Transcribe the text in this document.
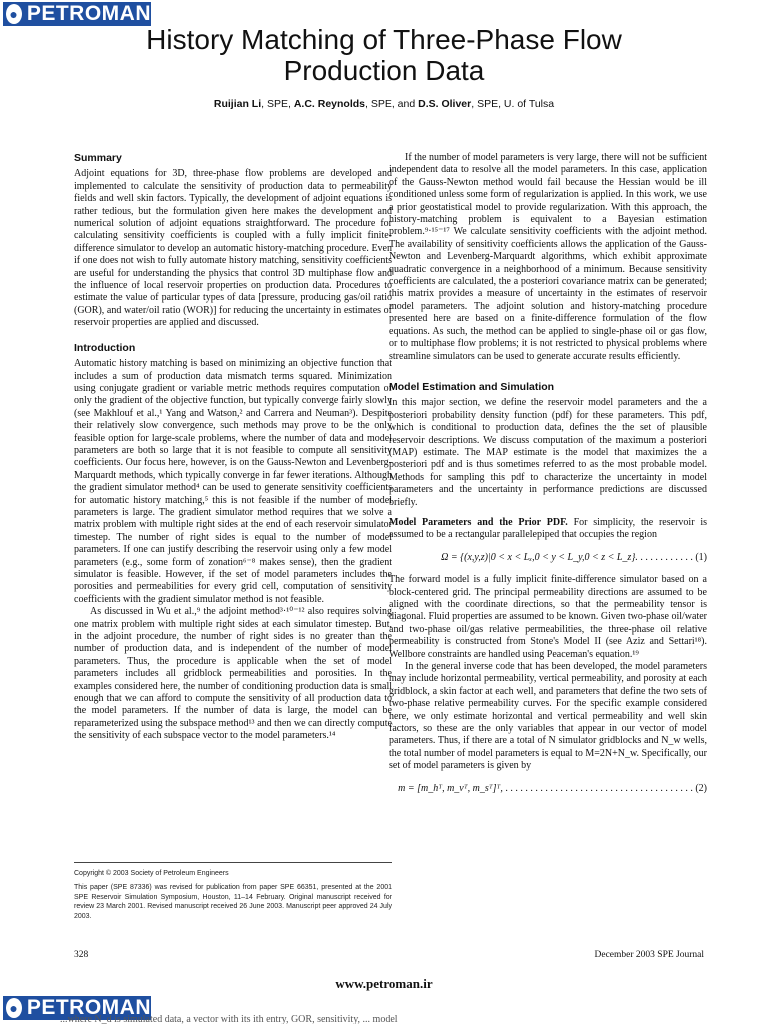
● PETROMAN
History Matching of Three-Phase Flow
Production Data
Ruijian Li, SPE, A.C. Reynolds, SPE, and D.S. Oliver, SPE, U. of Tulsa
Summary

Adjoint equations for 3D, three-phase flow problems are developed and implemented to calculate the sensitivity of production data to permeability fields and well skin factors. Typically, the development of adjoint equations is rather tedious, but the formulation given here makes the development and numerical solution of adjoint equations straightforward. The procedure for calculating sensitivity coefficients is coupled with a fully implicit finite-difference simulator to develop an automatic history-matching procedure. Even if one does not wish to fully automate history matching, sensitivity coefficients are useful for understanding the physics that control 3D multiphase flow and the influence of local reservoir properties on production data. Procedures to estimate the value of particular types of data [pressure, producing gas/oil ratio (GOR), and water/oil ratio (WOR)] for reducing the uncertainty in estimates of reservoir properties are applied and discussed.

Introduction

Automatic history matching is based on minimizing an objective function that includes a sum of production data mismatch terms squared. Minimization using conjugate gradient or variable metric methods requires computation of only the gradient of the objective function, but typically converge fairly slowly (see Makhlouf et al.,¹ Yang and Watson,² and Carrera and Neuman³). Despite their relatively slow convergence, such methods may prove to be the only feasible option for large-scale problems, where the number of data and model parameters are both so large that it is not feasible to compute all sensitivity coefficients. Our focus here, however, is on the Gauss-Newton and Levenberg-Marquardt methods, which typically converge in far fewer iterations. Although the gradient simulator method⁴ can be used to generate sensitivity coefficients for automatic history matching,⁵ this is not feasible if the number of model parameters is large. The gradient simulator method requires that we solve a matrix problem with multiple right sides at the end of each reservoir simulator timestep. The number of right sides is equal to the number of model parameters. If one can justify describing the reservoir using only a few model parameters (e.g., some form of zonation⁶⁻⁸ makes sense), then the gradient simulator is feasible. However, if the set of model parameters includes the porosities and permeabilities for every grid cell, computation of sensitivity coefficients with the gradient simulator method is not feasible.

As discussed in Wu et al.,⁹ the adjoint method³·¹⁰⁻¹² also requires solving one matrix problem with multiple right sides at each simulator timestep. But, in the adjoint procedure, the number of right sides is no greater than the number of production data, and is independent of the number of model parameters. Thus, the procedure is applicable when the set of model parameters includes all gridblock permeabilities and porosities. In the examples considered here, the number of conditioning production data is small enough that we can afford to compute the sensitivity of all production data to the model parameters. If the number of data is large, the model can be reparameterized using the subspace method¹³ and then we can directly compute the sensitivity of each subspace vector to the model parameters.¹⁴

If the number of model parameters is very large, there will not be sufficient independent data to resolve all the model parameters. In this case, application of the Gauss-Newton method would fail because the Hessian would be ill conditioned unless some form of regularization is applied. In this work, we use a prior geostatistical model to provide regularization. With this approach, the history-matching problem is equivalent to a Bayesian estimation problem.⁹·¹⁵⁻¹⁷ We calculate sensitivity coefficients with the adjoint method. The availability of sensitivity coefficients allows the application of the Gauss-Newton and Levenberg-Marquardt algorithms, which exhibit approximate quadratic convergence in a neighborhood of a minimum. Because sensitivity coefficients are calculated, the a posteriori covariance matrix can be generated; this matrix provides a measure of uncertainty in the estimates of reservoir model parameters. The adjoint solution and history-matching procedure presented here are based on a finite-difference formulation of the flow equations. As such, the method can be applied to single-phase oil or gas flow, or to multiphase flow problems; it is not restricted to physical problems where streamline simulators can be used to generate accurate results efficiently.

Model Estimation and Simulation

In this major section, we define the reservoir model parameters and the a posteriori probability density function (pdf) for these parameters. This pdf, which is conditional to production data, defines the the set of plausible reservoir descriptions. We discuss computation of the maximum a posteriori (MAP) estimate. The MAP estimate is the model that maximizes the a posteriori pdf and is thus sometimes referred to as the most probable model. Methods for sampling this pdf to characterize the uncertainty in model parameters and the uncertainty in performance predictions are discussed briefly.

Model Parameters and the Prior PDF. For simplicity, the reservoir is assumed to be a rectangular parallelepiped that occupies the region

Ω = {(x,y,z)|0 < x < Lₓ,0 < y < L_y,0 < z < L_z}. . . . . . . . . . . . (1)

The forward model is a fully implicit finite-difference simulator based on a block-centered grid. The principal permeability directions are assumed to be aligned with the coordinate directions, so that the permeability tensor is diagonal. Fluid properties are assumed to be known. Given two-phase oil/water and two-phase oil/gas relative permeabilities, the three-phase oil relative permeability is constructed from Stone's Model II (see Aziz and Settari¹⁸). Wellbore constraints are handled using Peaceman's equation.¹⁹

In the general inverse code that has been developed, the model parameters may include horizontal permeability, vertical permeability, and porosity at each gridblock, a skin factor at each well, and parameters that define the two sets of two-phase relative permeability curves. For the specific example considered here, we only estimate horizontal and vertical permeability and well skin factors, so these are the only variables that appear in our vector of model parameters. Thus, if there are a total of N simulator gridblocks and N_w wells, the total number of model parameters is equal to M=2N+N_w. Specifically, our set of model parameters is given by

m = [m_hᵀ, m_vᵀ, m_sᵀ]ᵀ, . . . . . . . . . . . . . . . . . . . . . . . . . . . . . . . . . . . . . . (2)

Copyright © 2003 Society of Petroleum Engineers

This paper (SPE 87336) was revised for publication from paper SPE 66351, presented at the 2001 SPE Reservoir Simulation Symposium, Houston, 11–14 February. Original manuscript received for review 23 March 2001. Revised manuscript received 26 June 2003. Manuscript peer approved 24 July 2003.

328	December 2003 SPE Journal
www.petroman.ir
● PETROMAN
...where N_d is simulated data, a vector with its ith entry, GOR, sensitivity, ... model
